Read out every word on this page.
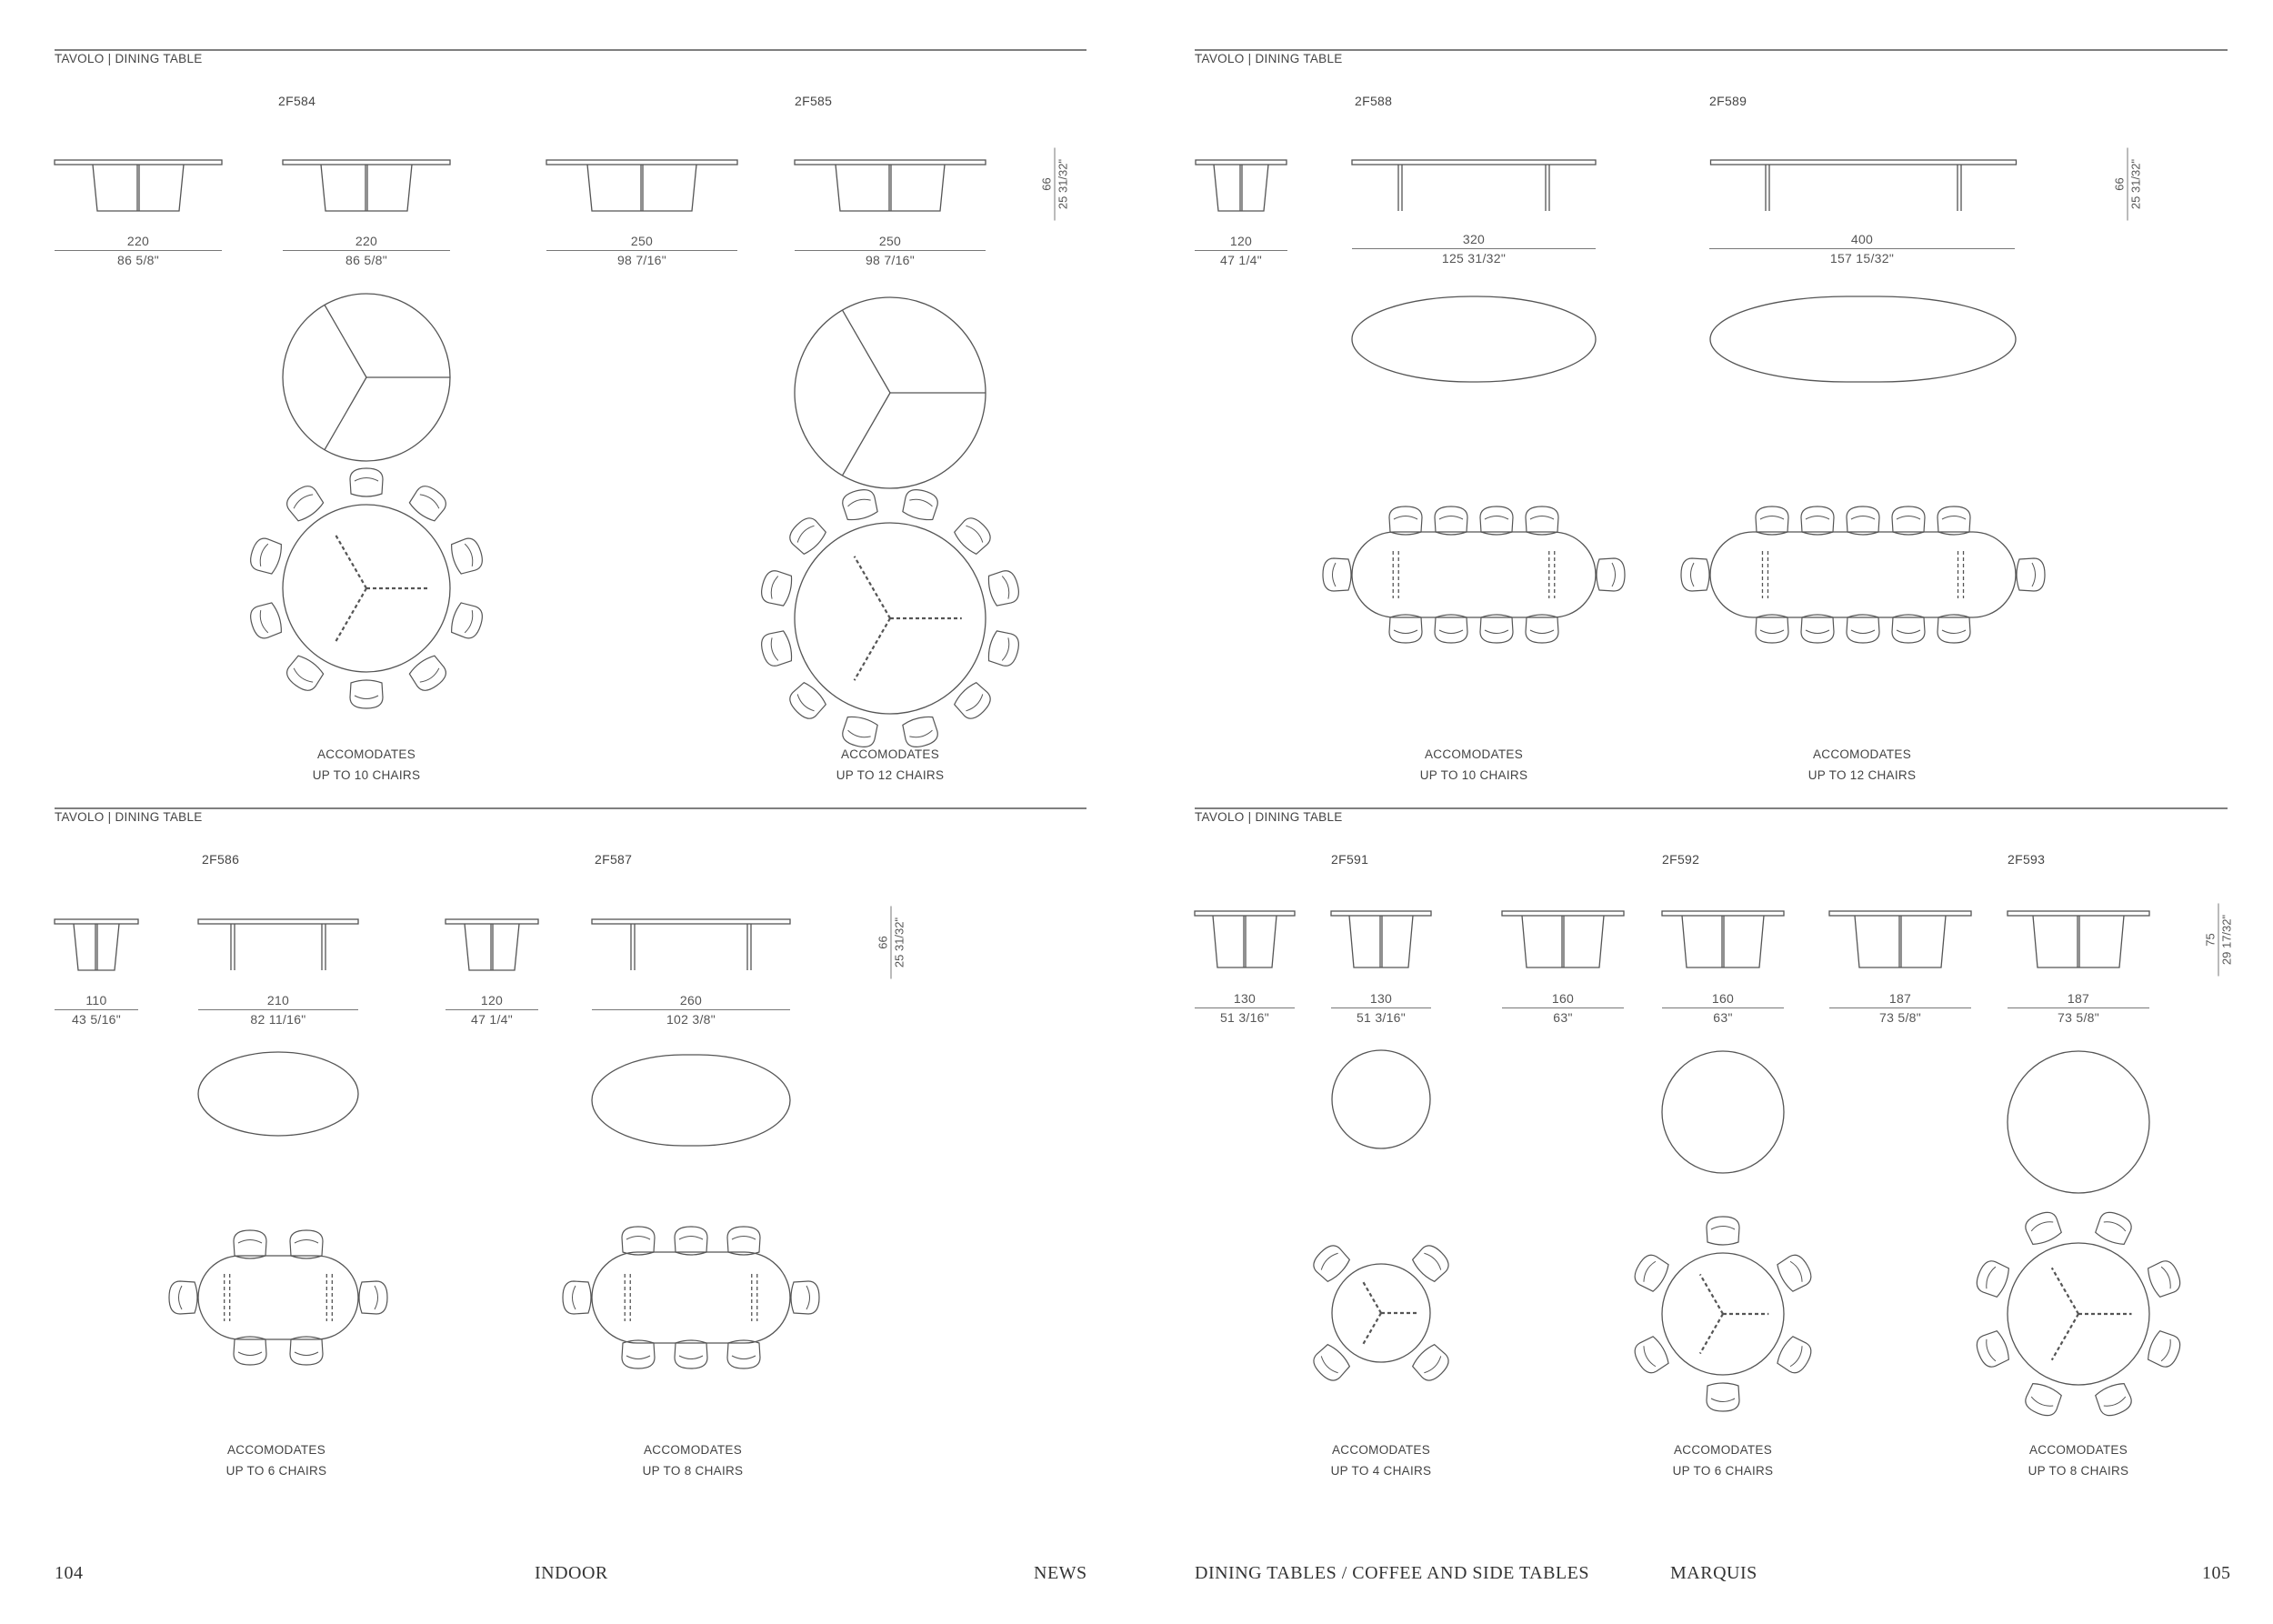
TAVOLO | DINING TABLE
TAVOLO | DINING TABLE
TAVOLO | DINING TABLE
TAVOLO | DINING TABLE
2F584	2F585	2F588	2F589
2F586	2F587	2F591	2F592	2F593
220
86 5/8"
220
86 5/8"
250
98 7/16"
250
98 7/16"
120
47 1/4"
320
125 31/32"
400
157 15/32"
110
43 5/16"
210
82 11/16"
120
47 1/4"
260
102 3/8"
130
51 3/16"
130
51 3/16"
160
63"
160
63"
187
73 5/8"
187
73 5/8"
66 25 31/32"	66 25 31/32"
66 25 31/32"	75 29 17/32"
ACCOMODATES
UP TO 10 CHAIRS
ACCOMODATES
UP TO 12 CHAIRS
ACCOMODATES
UP TO 10 CHAIRS
ACCOMODATES
UP TO 12 CHAIRS
ACCOMODATES
UP TO 6 CHAIRS
ACCOMODATES
UP TO 8 CHAIRS
ACCOMODATES
UP TO 4 CHAIRS
ACCOMODATES
UP TO 6 CHAIRS
ACCOMODATES
UP TO 8 CHAIRS
104	INDOOR	NEWS	DINING TABLES / COFFEE AND SIDE TABLES	MARQUIS	105
